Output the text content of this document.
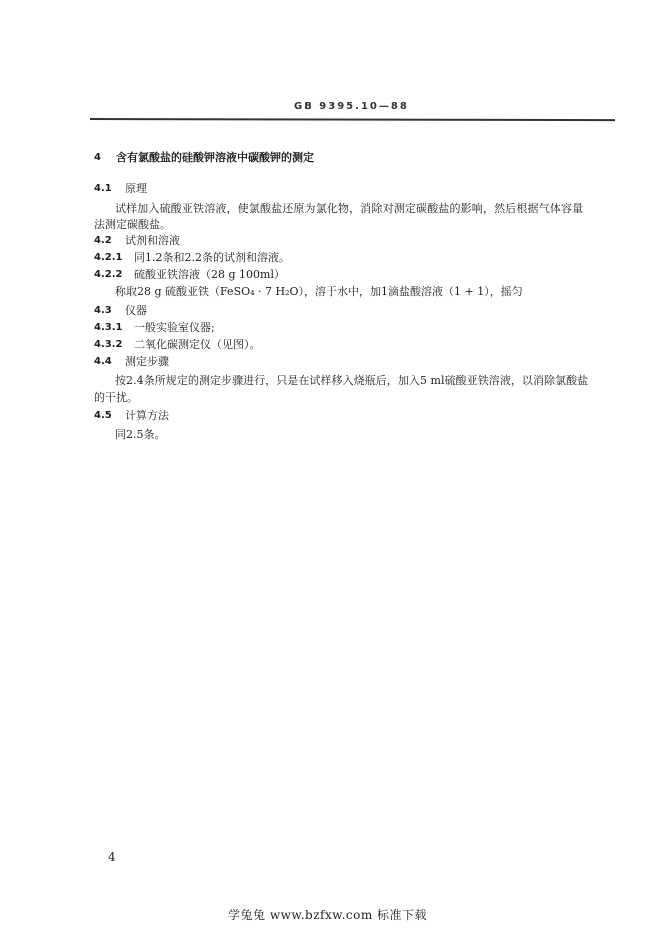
GB 9395.10—88
4 含有氯酸盐的硅酸钾溶液中碳酸钾的测定
4.1 原理
试样加入硫酸亚铁溶液，使氯酸盐还原为氯化物，消除对测定碳酸盐的影响，然后根据气体容量
法测定碳酸盐。
4.2 试剂和溶液
4.2.1 同1.2条和2.2条的试剂和溶液。
4.2.2 硫酸亚铁溶液（28 g 100ml）
称取28 g 硫酸亚铁（FeSO₄ · 7 H₂O），溶于水中，加1滴盐酸溶液（1 + 1），摇匀
4.3 仪器
4.3.1 一般实验室仪器;
4.3.2 二氧化碳测定仪（见图）。
4.4 测定步骤
按2.4条所规定的测定步骤进行，只是在试样移入烧瓶后，加入5 ml硫酸亚铁溶液，以消除氯酸盐
的干扰。
4.5 计算方法
同2.5条。
4
学兔兔 www.bzfxw.com 标准下载
